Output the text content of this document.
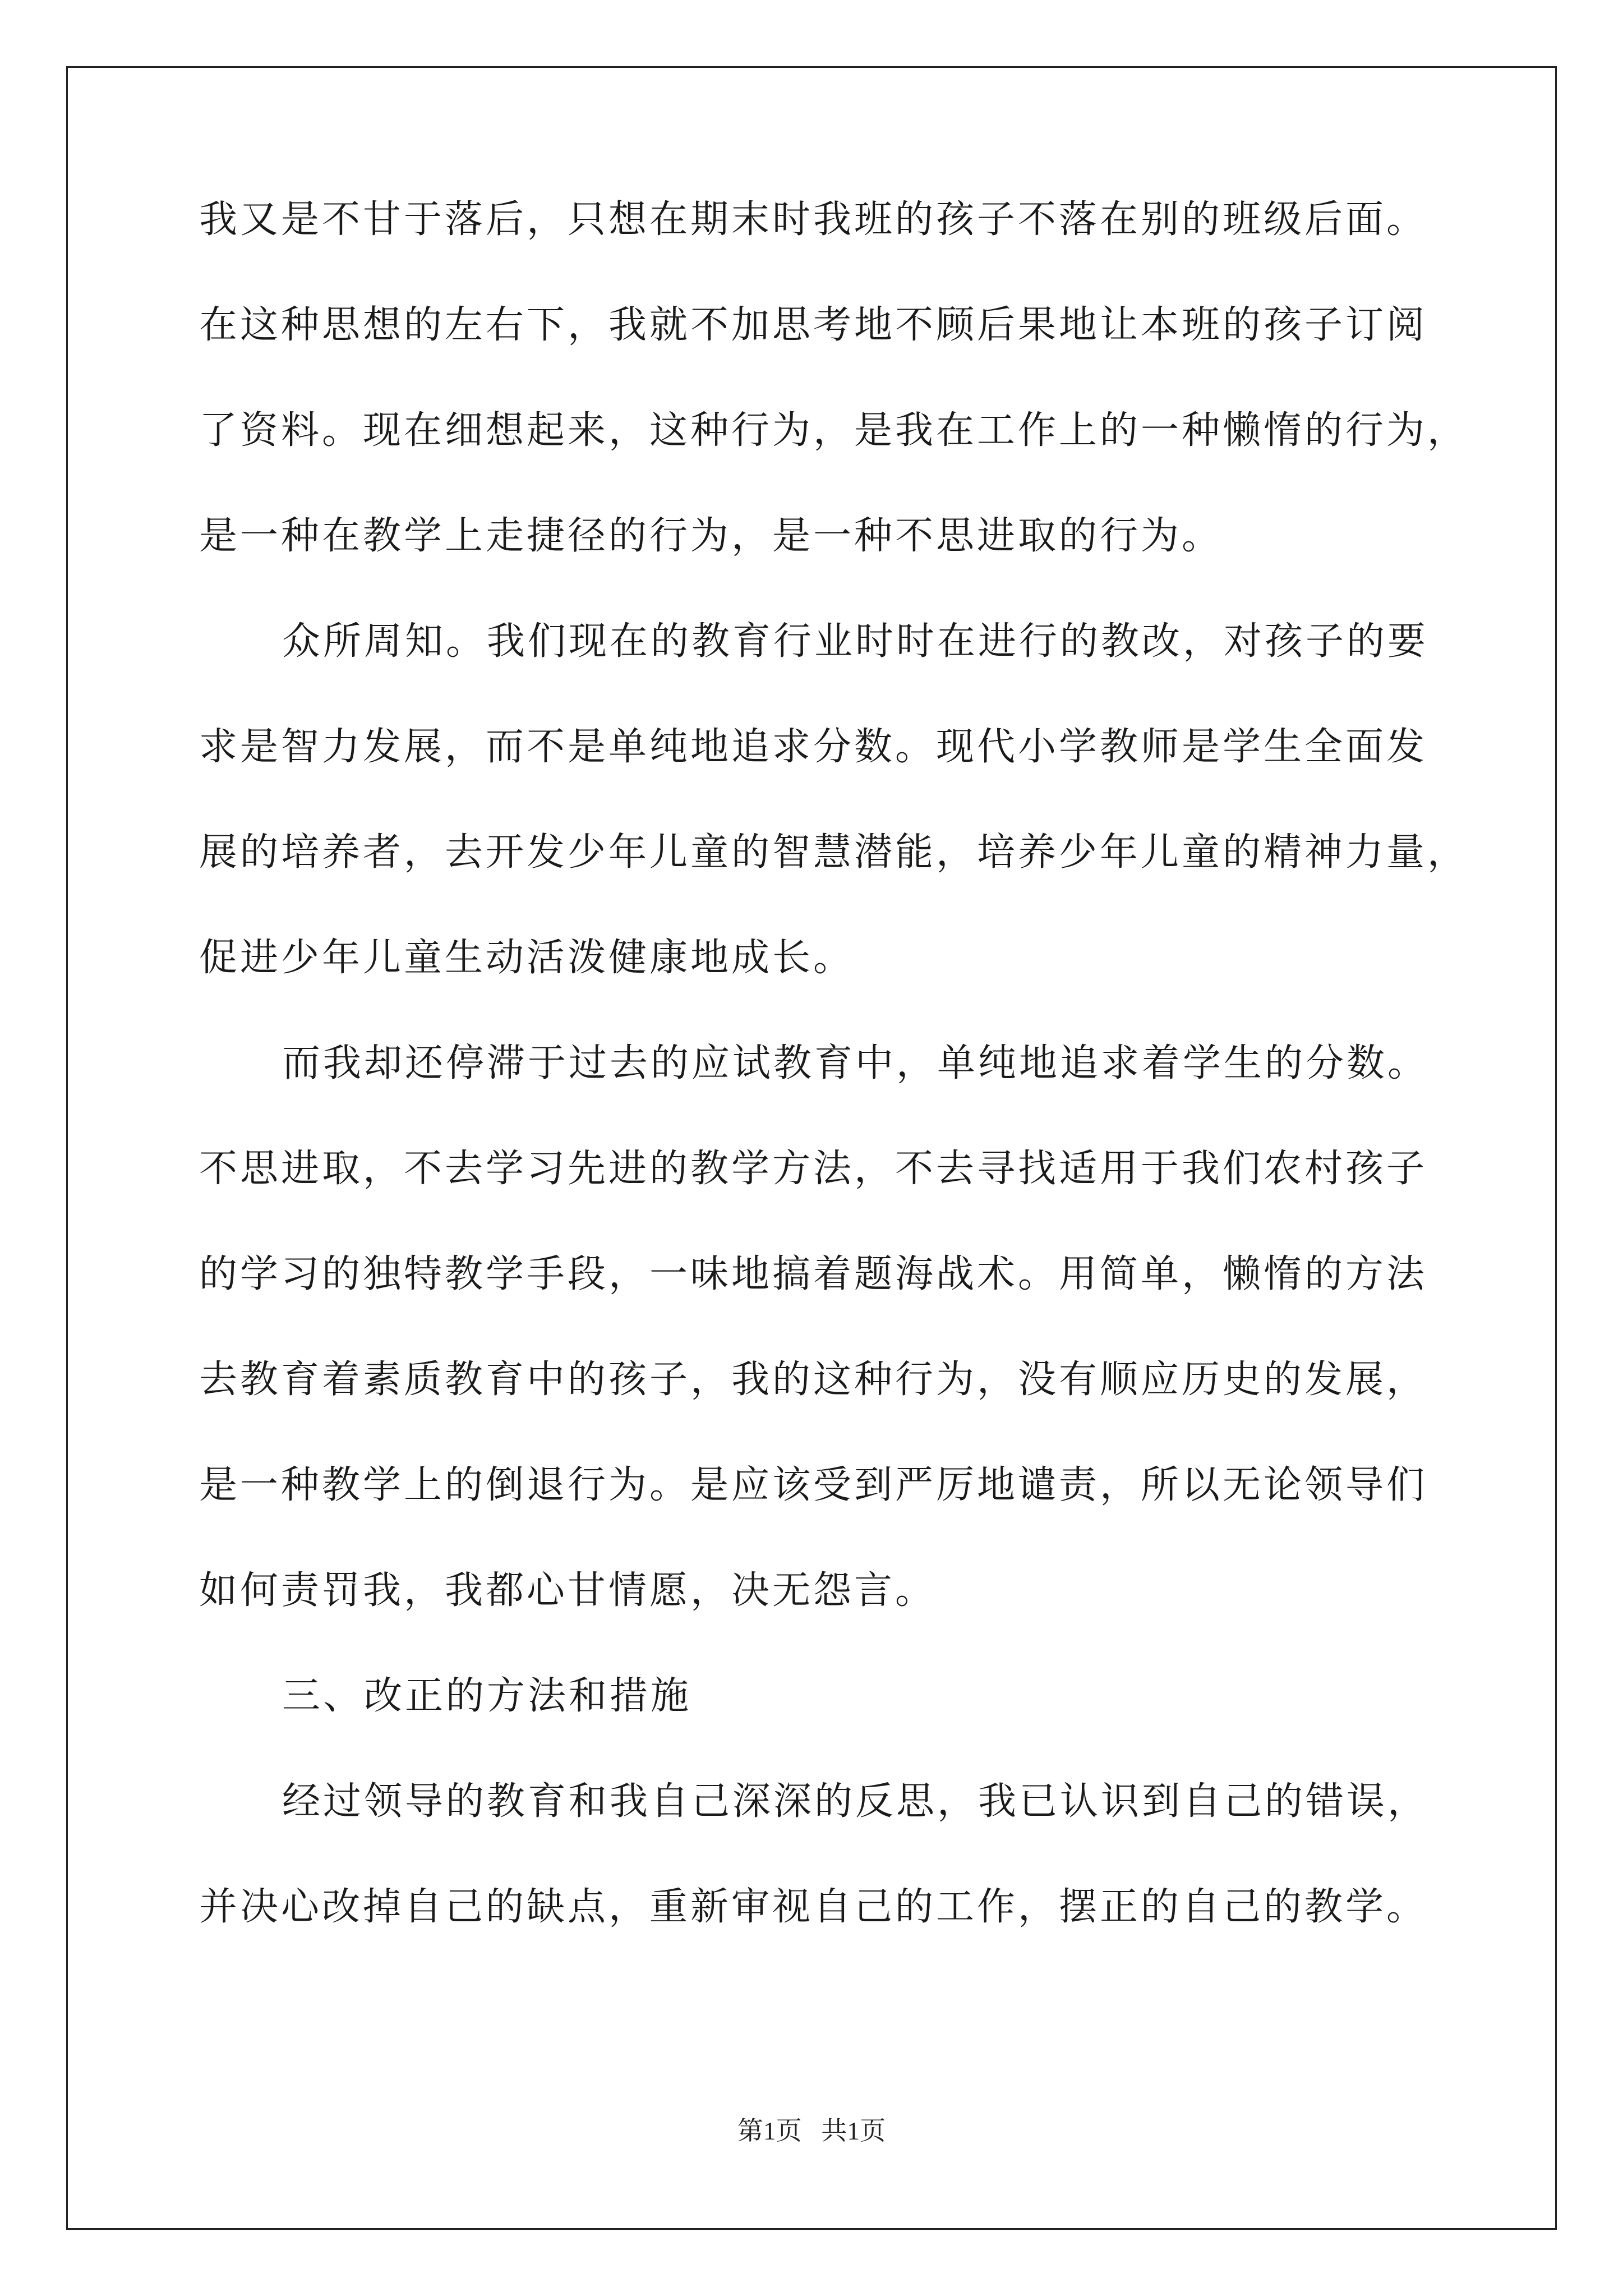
我又是不甘于落后，只想在期末时我班的孩子不落在别的班级后面。
在这种思想的左右下，我就不加思考地不顾后果地让本班的孩子订阅
了资料。现在细想起来，这种行为，是我在工作上的一种懒惰的行为，
是一种在教学上走捷径的行为，是一种不思进取的行为。
众所周知。我们现在的教育行业时时在进行的教改，对孩子的要
求是智力发展，而不是单纯地追求分数。现代小学教师是学生全面发
展的培养者，去开发少年儿童的智慧潜能，培养少年儿童的精神力量，
促进少年儿童生动活泼健康地成长。
而我却还停滞于过去的应试教育中，单纯地追求着学生的分数。
不思进取，不去学习先进的教学方法，不去寻找适用于我们农村孩子
的学习的独特教学手段，一味地搞着题海战术。用简单，懒惰的方法
去教育着素质教育中的孩子，我的这种行为，没有顺应历史的发展，
是一种教学上的倒退行为。是应该受到严厉地谴责，所以无论领导们
如何责罚我，我都心甘情愿，决无怨言。
三、改正的方法和措施
经过领导的教育和我自己深深的反思，我已认识到自己的错误，
并决心改掉自己的缺点，重新审视自己的工作，摆正的自己的教学。
第1页   共1页
